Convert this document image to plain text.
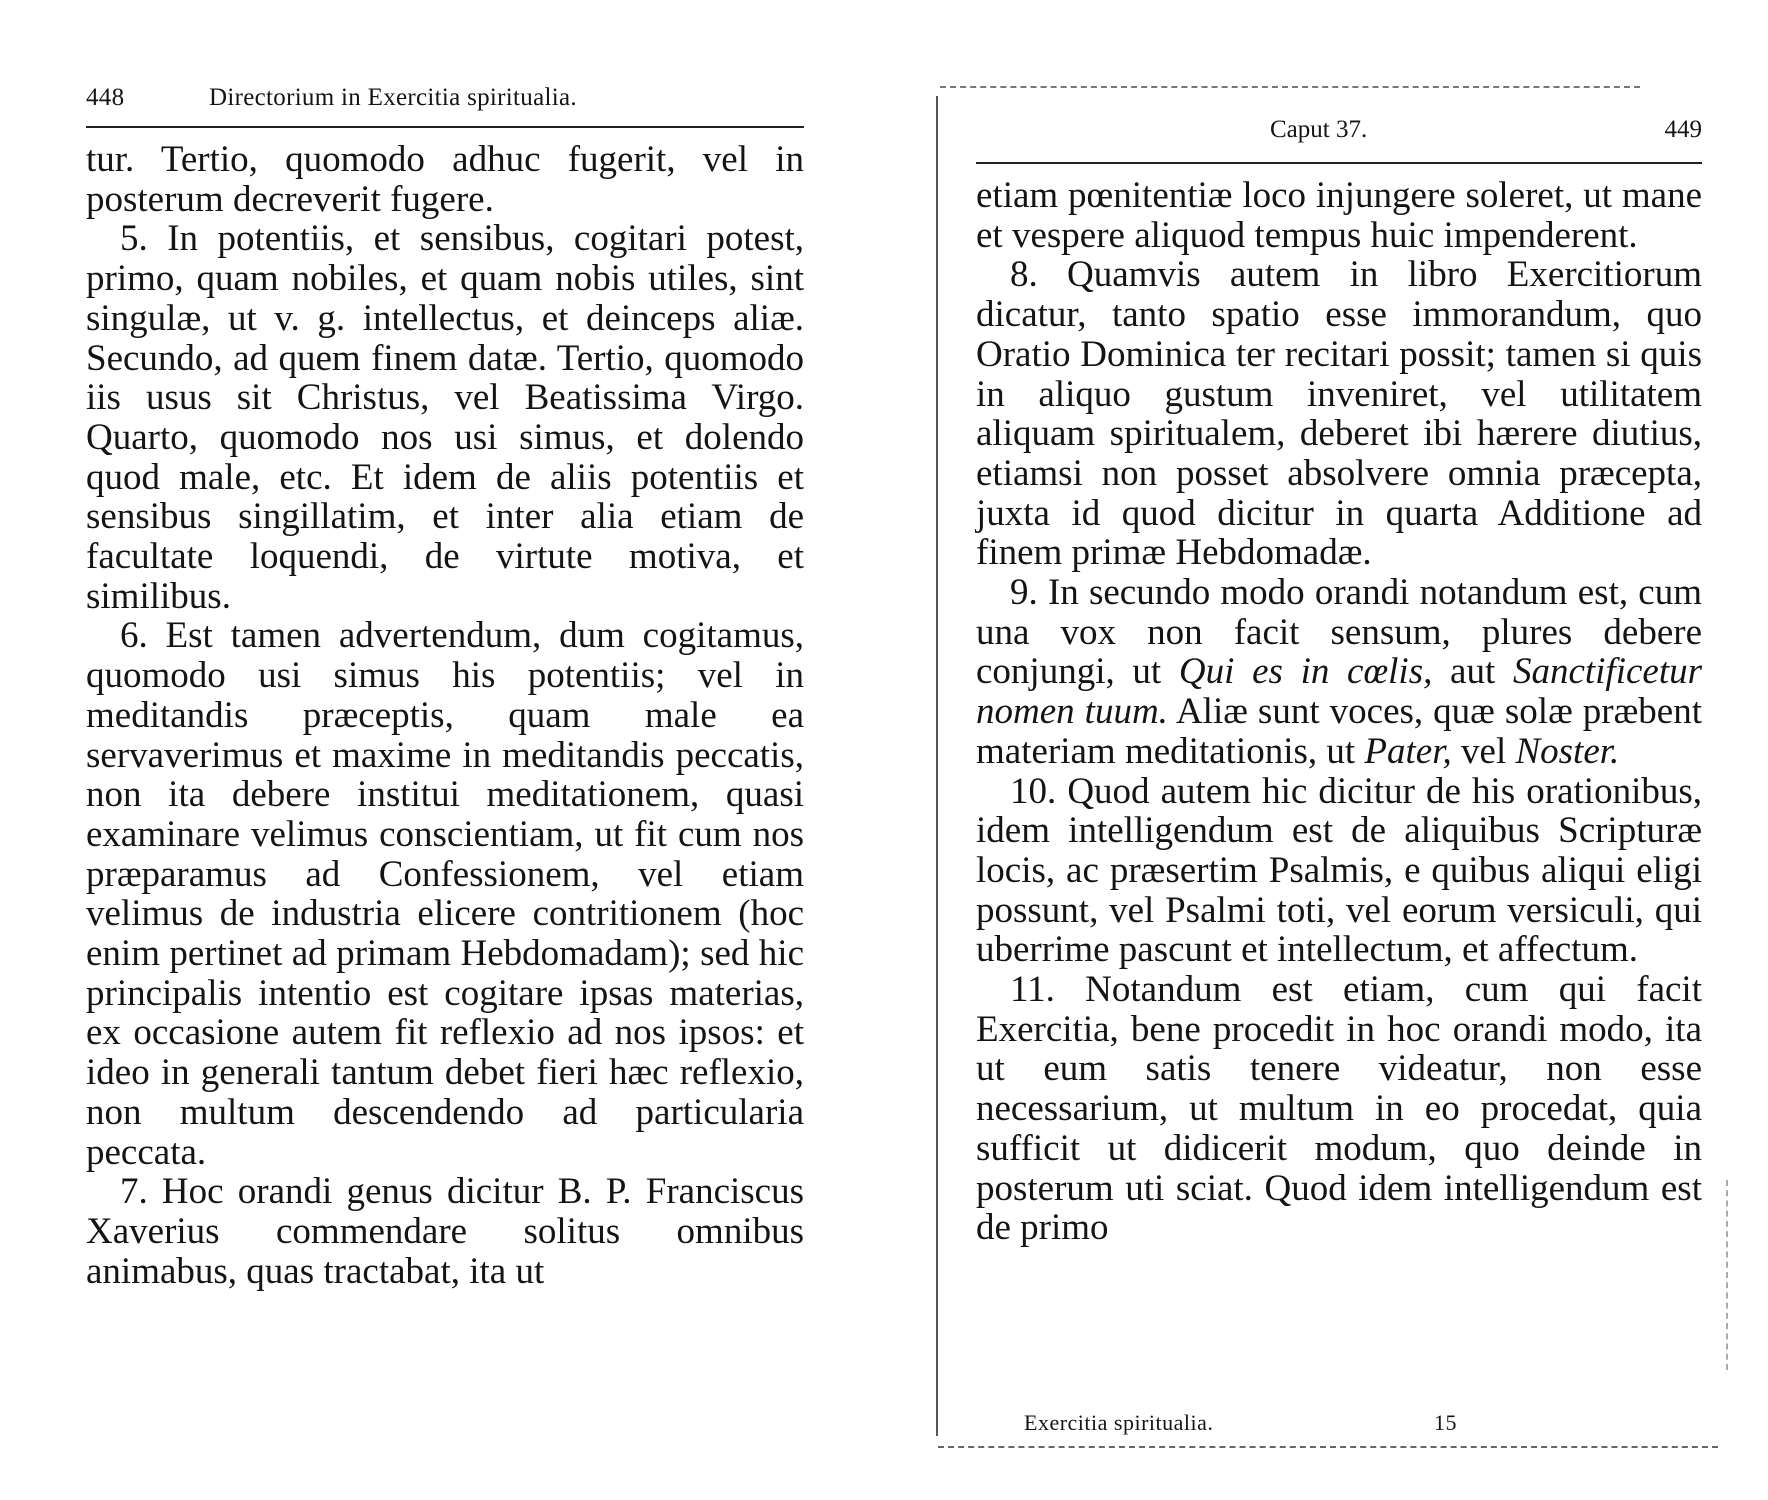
448	Directorium in Exercitia spiritualia.

tur. Tertio, quomodo adhuc fugerit, vel in posterum decreverit fugere.

5. In potentiis, et sensibus, cogitari potest, primo, quam nobiles, et quam nobis utiles, sint singulæ, ut v. g. intellectus, et deinceps aliæ. Secundo, ad quem finem datæ. Tertio, quomodo iis usus sit Christus, vel Beatissima Virgo. Quarto, quomodo nos usi simus, et dolendo quod male, etc. Et idem de aliis potentiis et sensibus singillatim, et inter alia etiam de facultate loquendi, de virtute motiva, et similibus.

6. Est tamen advertendum, dum cogitamus, quomodo usi simus his potentiis; vel in meditandis præceptis, quam male ea servaverimus et maxime in meditandis peccatis, non ita debere institui meditationem, quasi examinare velimus conscientiam, ut fit cum nos præparamus ad Confessionem, vel etiam velimus de industria elicere contritionem (hoc enim pertinet ad primam Hebdomadam); sed hic principalis intentio est cogitare ipsas materias, ex occasione autem fit reflexio ad nos ipsos: et ideo in generali tantum debet fieri hæc reflexio, non multum descendendo ad particularia peccata.

7. Hoc orandi genus dicitur B. P. Franciscus Xaverius commendare solitus omnibus animabus, quas tractabat, ita ut

Caput 37.	449

etiam pœnitentiæ loco injungere soleret, ut mane et vespere aliquod tempus huic impenderent.

8. Quamvis autem in libro Exercitiorum dicatur, tanto spatio esse immorandum, quo Oratio Dominica ter recitari possit; tamen si quis in aliquo gustum inveniret, vel utilitatem aliquam spiritualem, deberet ibi hærere diutius, etiamsi non posset absolvere omnia præcepta, juxta id quod dicitur in quarta Additione ad finem primæ Hebdomadæ.

9. In secundo modo orandi notandum est, cum una vox non facit sensum, plures debere conjungi, ut Qui es in cœlis, aut Sanctificetur nomen tuum. Aliæ sunt voces, quæ solæ præbent materiam meditationis, ut Pater, vel Noster.

10. Quod autem hic dicitur de his orationibus, idem intelligendum est de aliquibus Scripturæ locis, ac præsertim Psalmis, e quibus aliqui eligi possunt, vel Psalmi toti, vel eorum versiculi, qui uberrime pascunt et intellectum, et affectum.

11. Notandum est etiam, cum qui facit Exercitia, bene procedit in hoc orandi modo, ita ut eum satis tenere videatur, non esse necessarium, ut multum in eo procedat, quia sufficit ut didicerit modum, quo deinde in posterum uti sciat. Quod idem intelligendum est de primo

Exercitia spiritualia.	15
